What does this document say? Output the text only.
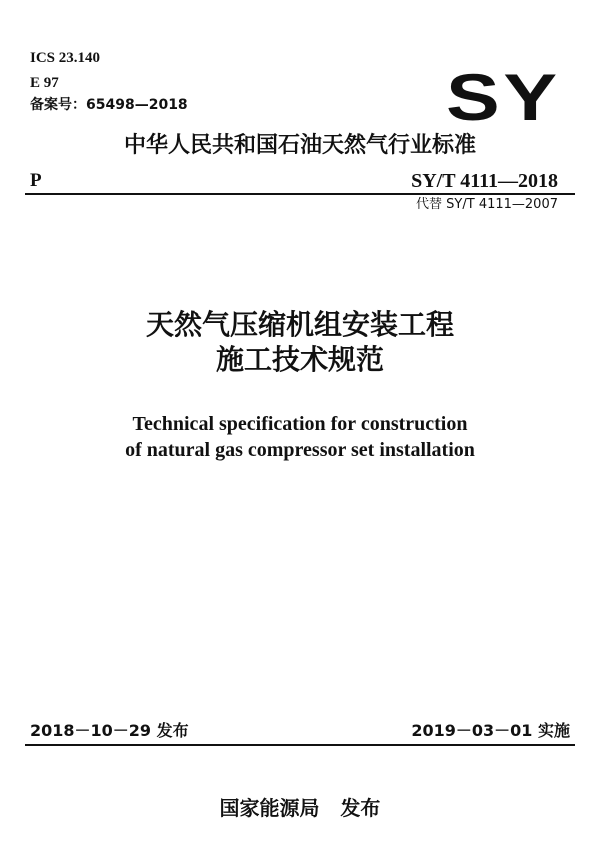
ICS 23.140
E 97
备案号：65498—2018	SY
中华人民共和国石油天然气行业标准
P	SY/T 4111—2018
代替 SY/T 4111—2007
天然气压缩机组安装工程
施工技术规范
Technical specification for construction
of natural gas compressor set installation
2018－10－29 发布	2019－03－01 实施
国家能源局   发布
